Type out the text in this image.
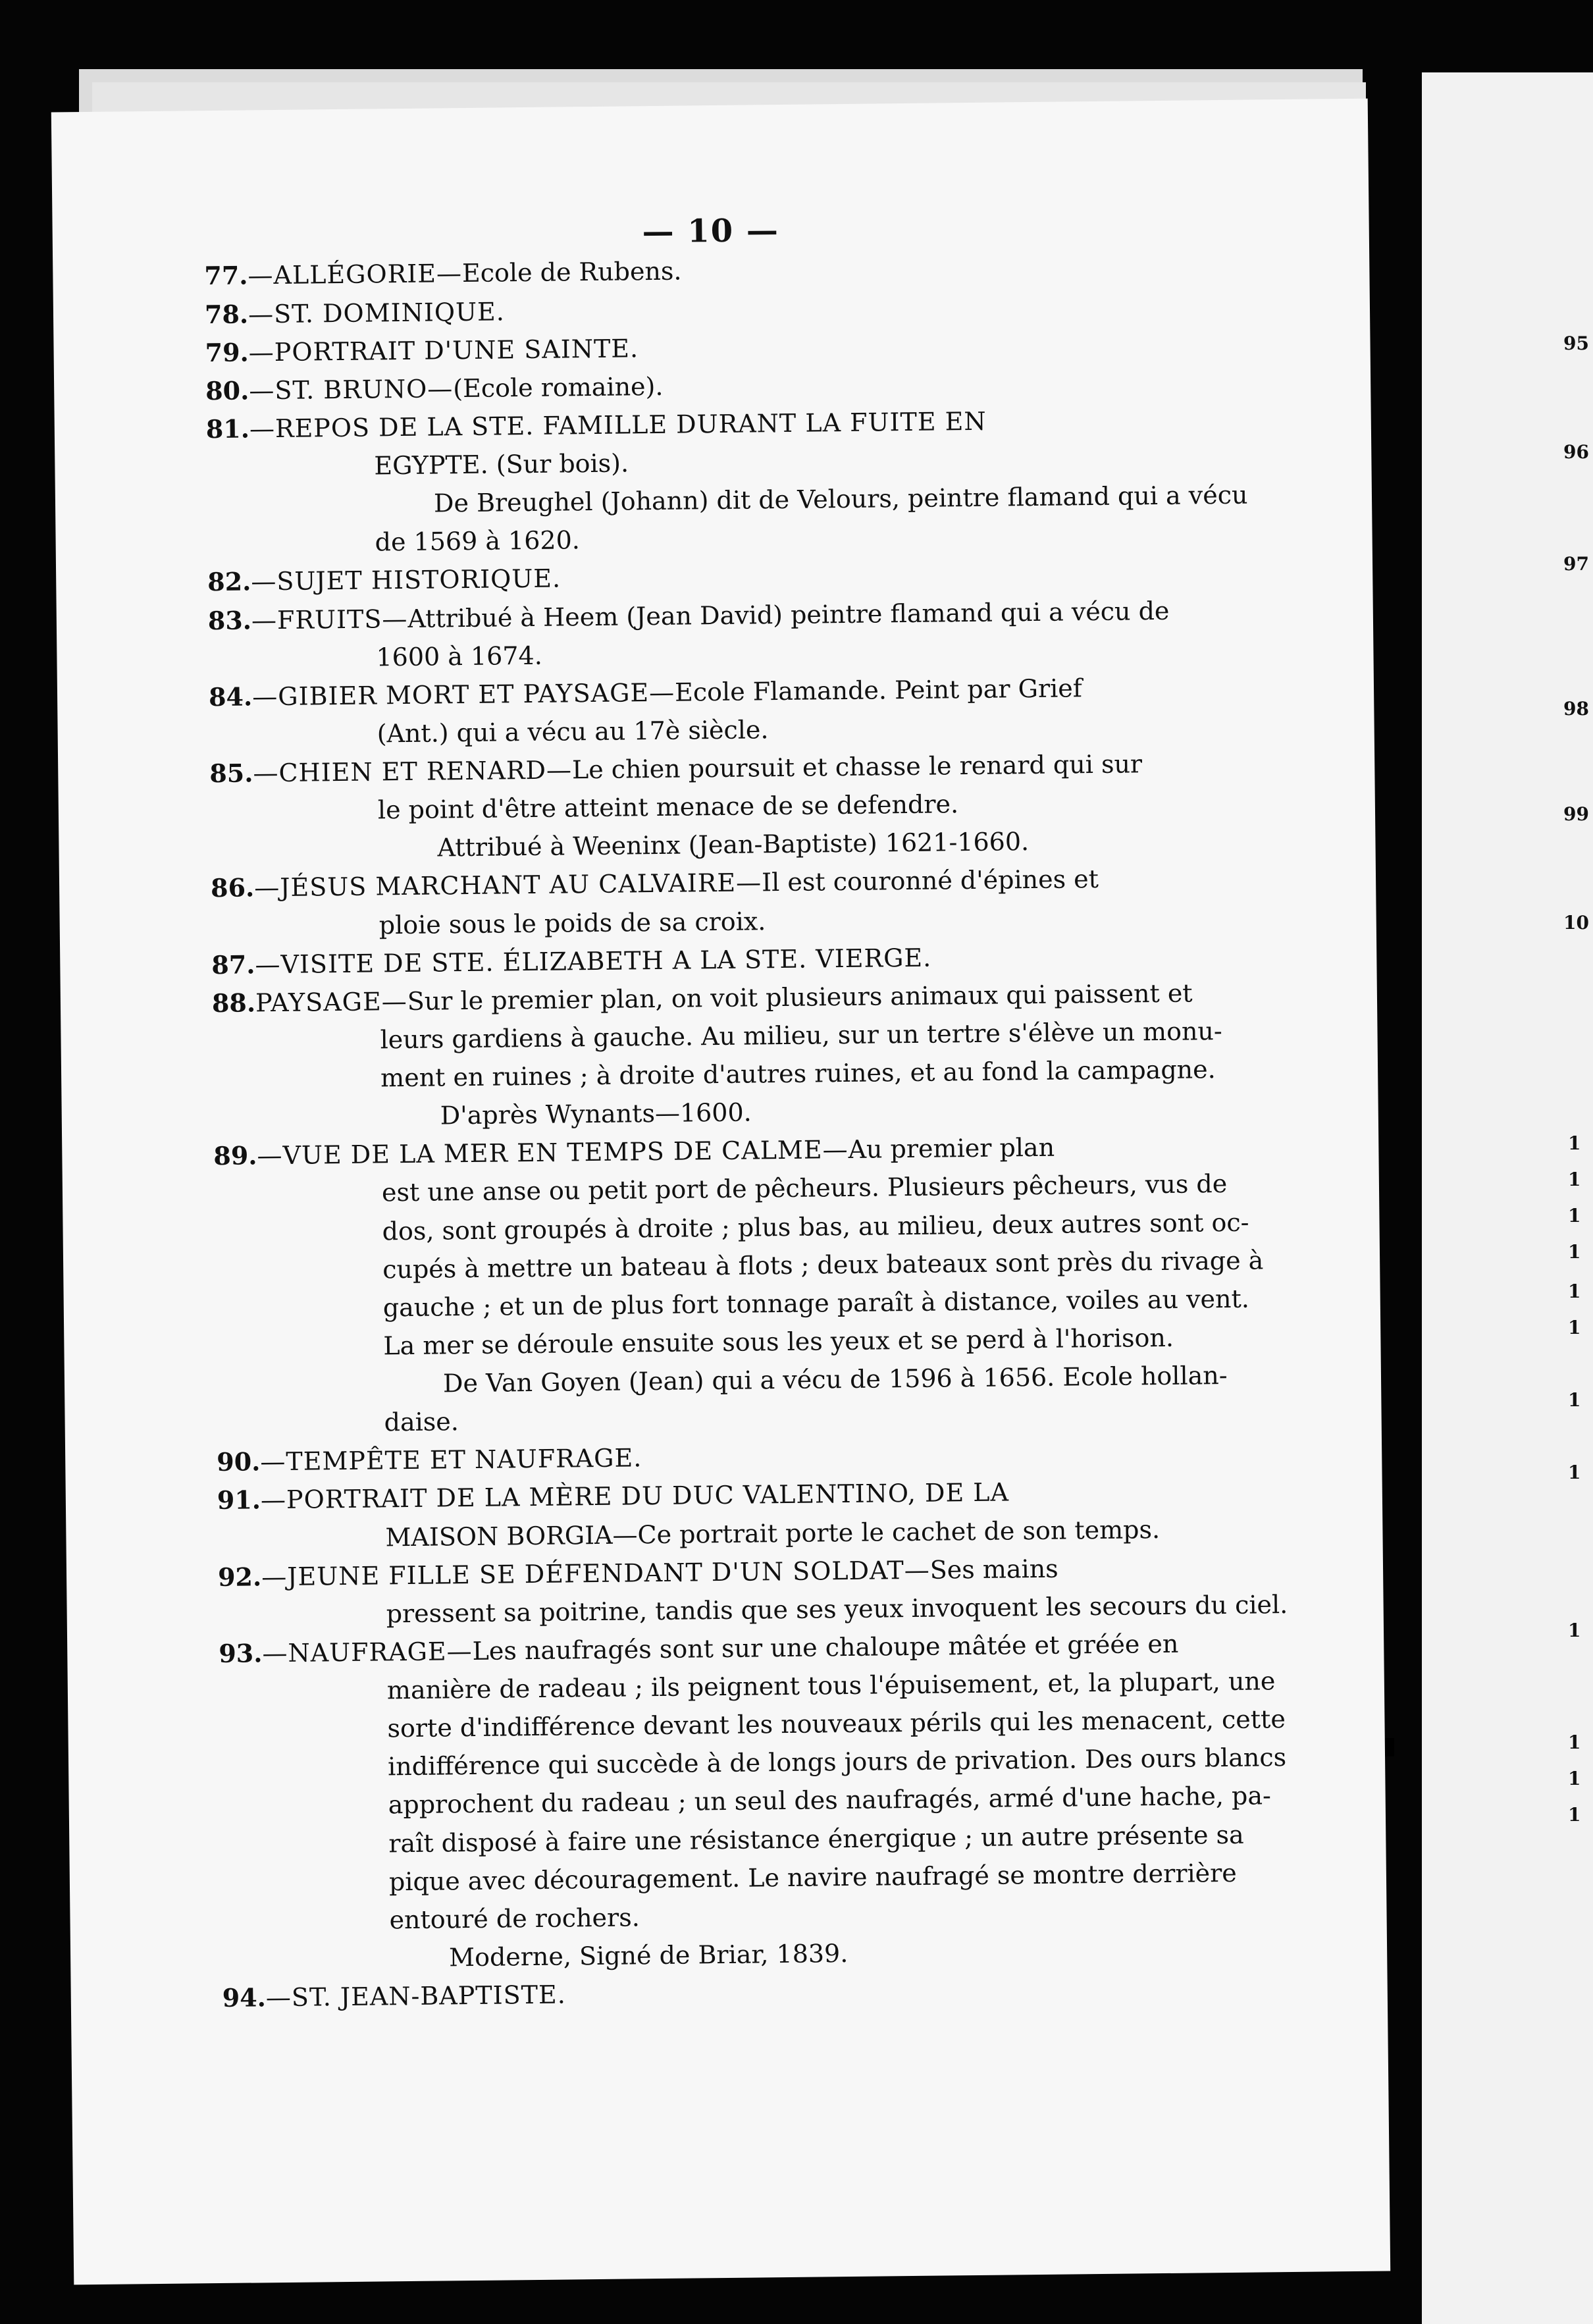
95
96
97
98
99
10
1
1
1
1
1
1
1
1
1
1
1
1
— 10 —

77.—ALLÉGORIE—Ecole de Rubens.

78.—ST. DOMINIQUE.

79.—PORTRAIT D'UNE SAINTE.

80.—ST. BRUNO—(Ecole romaine).

81.—REPOS DE LA STE. FAMILLE DURANT LA FUITE EN

EGYPTE. (Sur bois).

De Breughel (Johann) dit de Velours, peintre flamand qui a vécu

de 1569 à 1620.

82.—SUJET HISTORIQUE.

83.—FRUITS—Attribué à Heem (Jean David) peintre flamand qui a vécu de

1600 à 1674.

84.—GIBIER MORT ET PAYSAGE—Ecole Flamande. Peint par Grief

(Ant.) qui a vécu au 17è siècle.

85.—CHIEN ET RENARD—Le chien poursuit et chasse le renard qui sur

le point d'être atteint menace de se defendre.

Attribué à Weeninx (Jean-Baptiste) 1621-1660.

86.—JÉSUS MARCHANT AU CALVAIRE—Il est couronné d'épines et

ploie sous le poids de sa croix.

87.—VISITE DE STE. ÉLIZABETH A LA STE. VIERGE.

88.PAYSAGE—Sur le premier plan, on voit plusieurs animaux qui paissent et

leurs gardiens à gauche. Au milieu, sur un tertre s'élève un monu-

ment en ruines ; à droite d'autres ruines, et au fond la campagne.

D'après Wynants—1600.

89.—VUE DE LA MER EN TEMPS DE CALME—Au premier plan

est une anse ou petit port de pêcheurs. Plusieurs pêcheurs, vus de

dos, sont groupés à droite ; plus bas, au milieu, deux autres sont oc-

cupés à mettre un bateau à flots ; deux bateaux sont près du rivage à

gauche ; et un de plus fort tonnage paraît à distance, voiles au vent.

La mer se déroule ensuite sous les yeux et se perd à l'horison.

De Van Goyen (Jean) qui a vécu de 1596 à 1656. Ecole hollan-

daise.

90.—TEMPÊTE ET NAUFRAGE.

91.—PORTRAIT DE LA MÈRE DU DUC VALENTINO, DE LA

MAISON BORGIA—Ce portrait porte le cachet de son temps.

92.—JEUNE FILLE SE DÉFENDANT D'UN SOLDAT—Ses mains

pressent sa poitrine, tandis que ses yeux invoquent les secours du ciel.

93.—NAUFRAGE—Les naufragés sont sur une chaloupe mâtée et gréée en

manière de radeau ; ils peignent tous l'épuisement, et, la plupart, une

sorte d'indifférence devant les nouveaux périls qui les menacent, cette

indifférence qui succède à de longs jours de privation. Des ours blancs

approchent du radeau ; un seul des naufragés, armé d'une hache, pa-

raît disposé à faire une résistance énergique ; un autre présente sa

pique avec découragement. Le navire naufragé se montre derrière

entouré de rochers.

Moderne, Signé de Briar, 1839.

94.—ST. JEAN-BAPTISTE.
